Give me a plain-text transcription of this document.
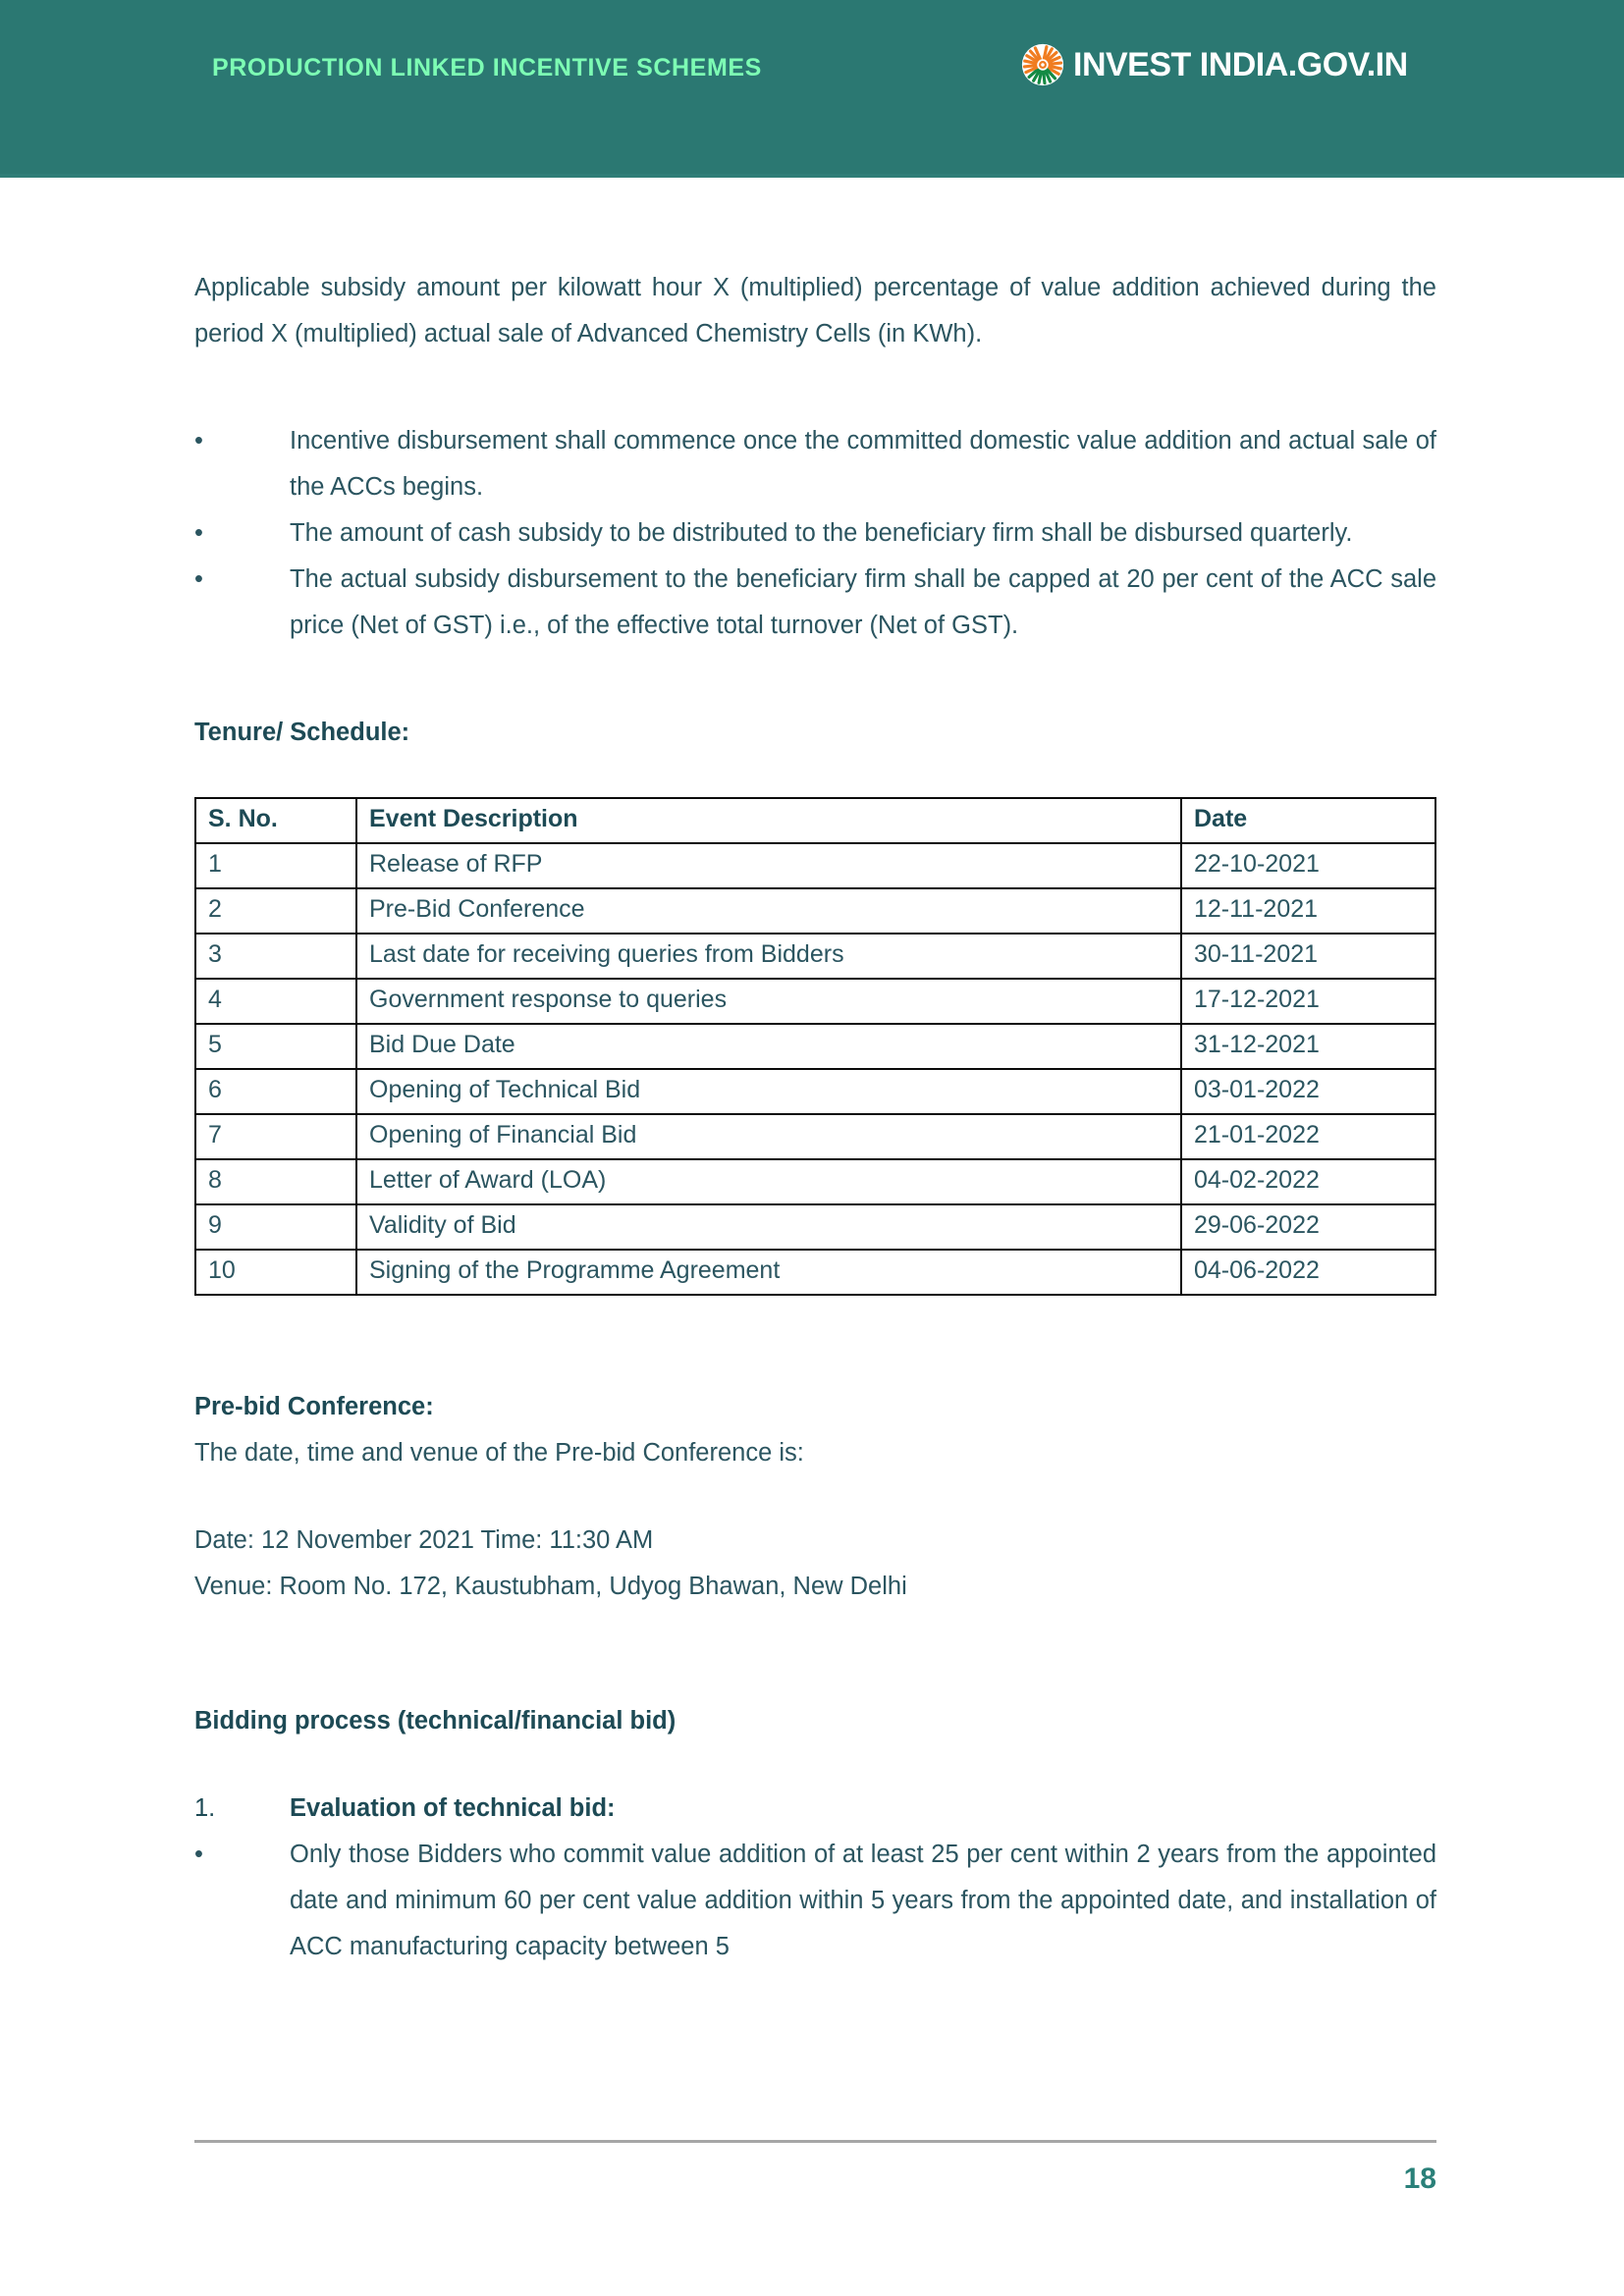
PRODUCTION LINKED INCENTIVE SCHEMES	INVEST INDIA.GOV.IN

Applicable subsidy amount per kilowatt hour X (multiplied) percentage of value addition achieved during the period X (multiplied) actual sale of Advanced Chemistry Cells (in KWh).

•	Incentive disbursement shall commence once the committed domestic value addition and actual sale of the ACCs begins.
•	The amount of cash subsidy to be distributed to the beneficiary firm shall be disbursed quarterly.
•	The actual subsidy disbursement to the beneficiary firm shall be capped at 20 per cent of the ACC sale price (Net of GST) i.e., of the effective total turnover (Net of GST).
Tenure/ Schedule:
S. No.	Event Description	Date
1	Release of RFP	22-10-2021
2	Pre-Bid Conference	12-11-2021
3	Last date for receiving queries from Bidders	30-11-2021
4	Government response to queries	17-12-2021
5	Bid Due Date	31-12-2021
6	Opening of Technical Bid	03-01-2022
7	Opening of Financial Bid	21-01-2022
8	Letter of Award (LOA)	04-02-2022
9	Validity of Bid	29-06-2022
10	Signing of the Programme Agreement	04-06-2022
Pre-bid Conference:

The date, time and venue of the Pre-bid Conference is:

Date: 12 November 2021 Time: 11:30 AM

Venue: Room No. 172, Kaustubham, Udyog Bhawan, New Delhi

Bidding process (technical/financial bid)
1.	Evaluation of technical bid:
•	Only those Bidders who commit value addition of at least 25 per cent within 2 years from the appointed date and minimum 60 per cent value addition within 5 years from the appointed date, and installation of ACC manufacturing capacity between 5
18
